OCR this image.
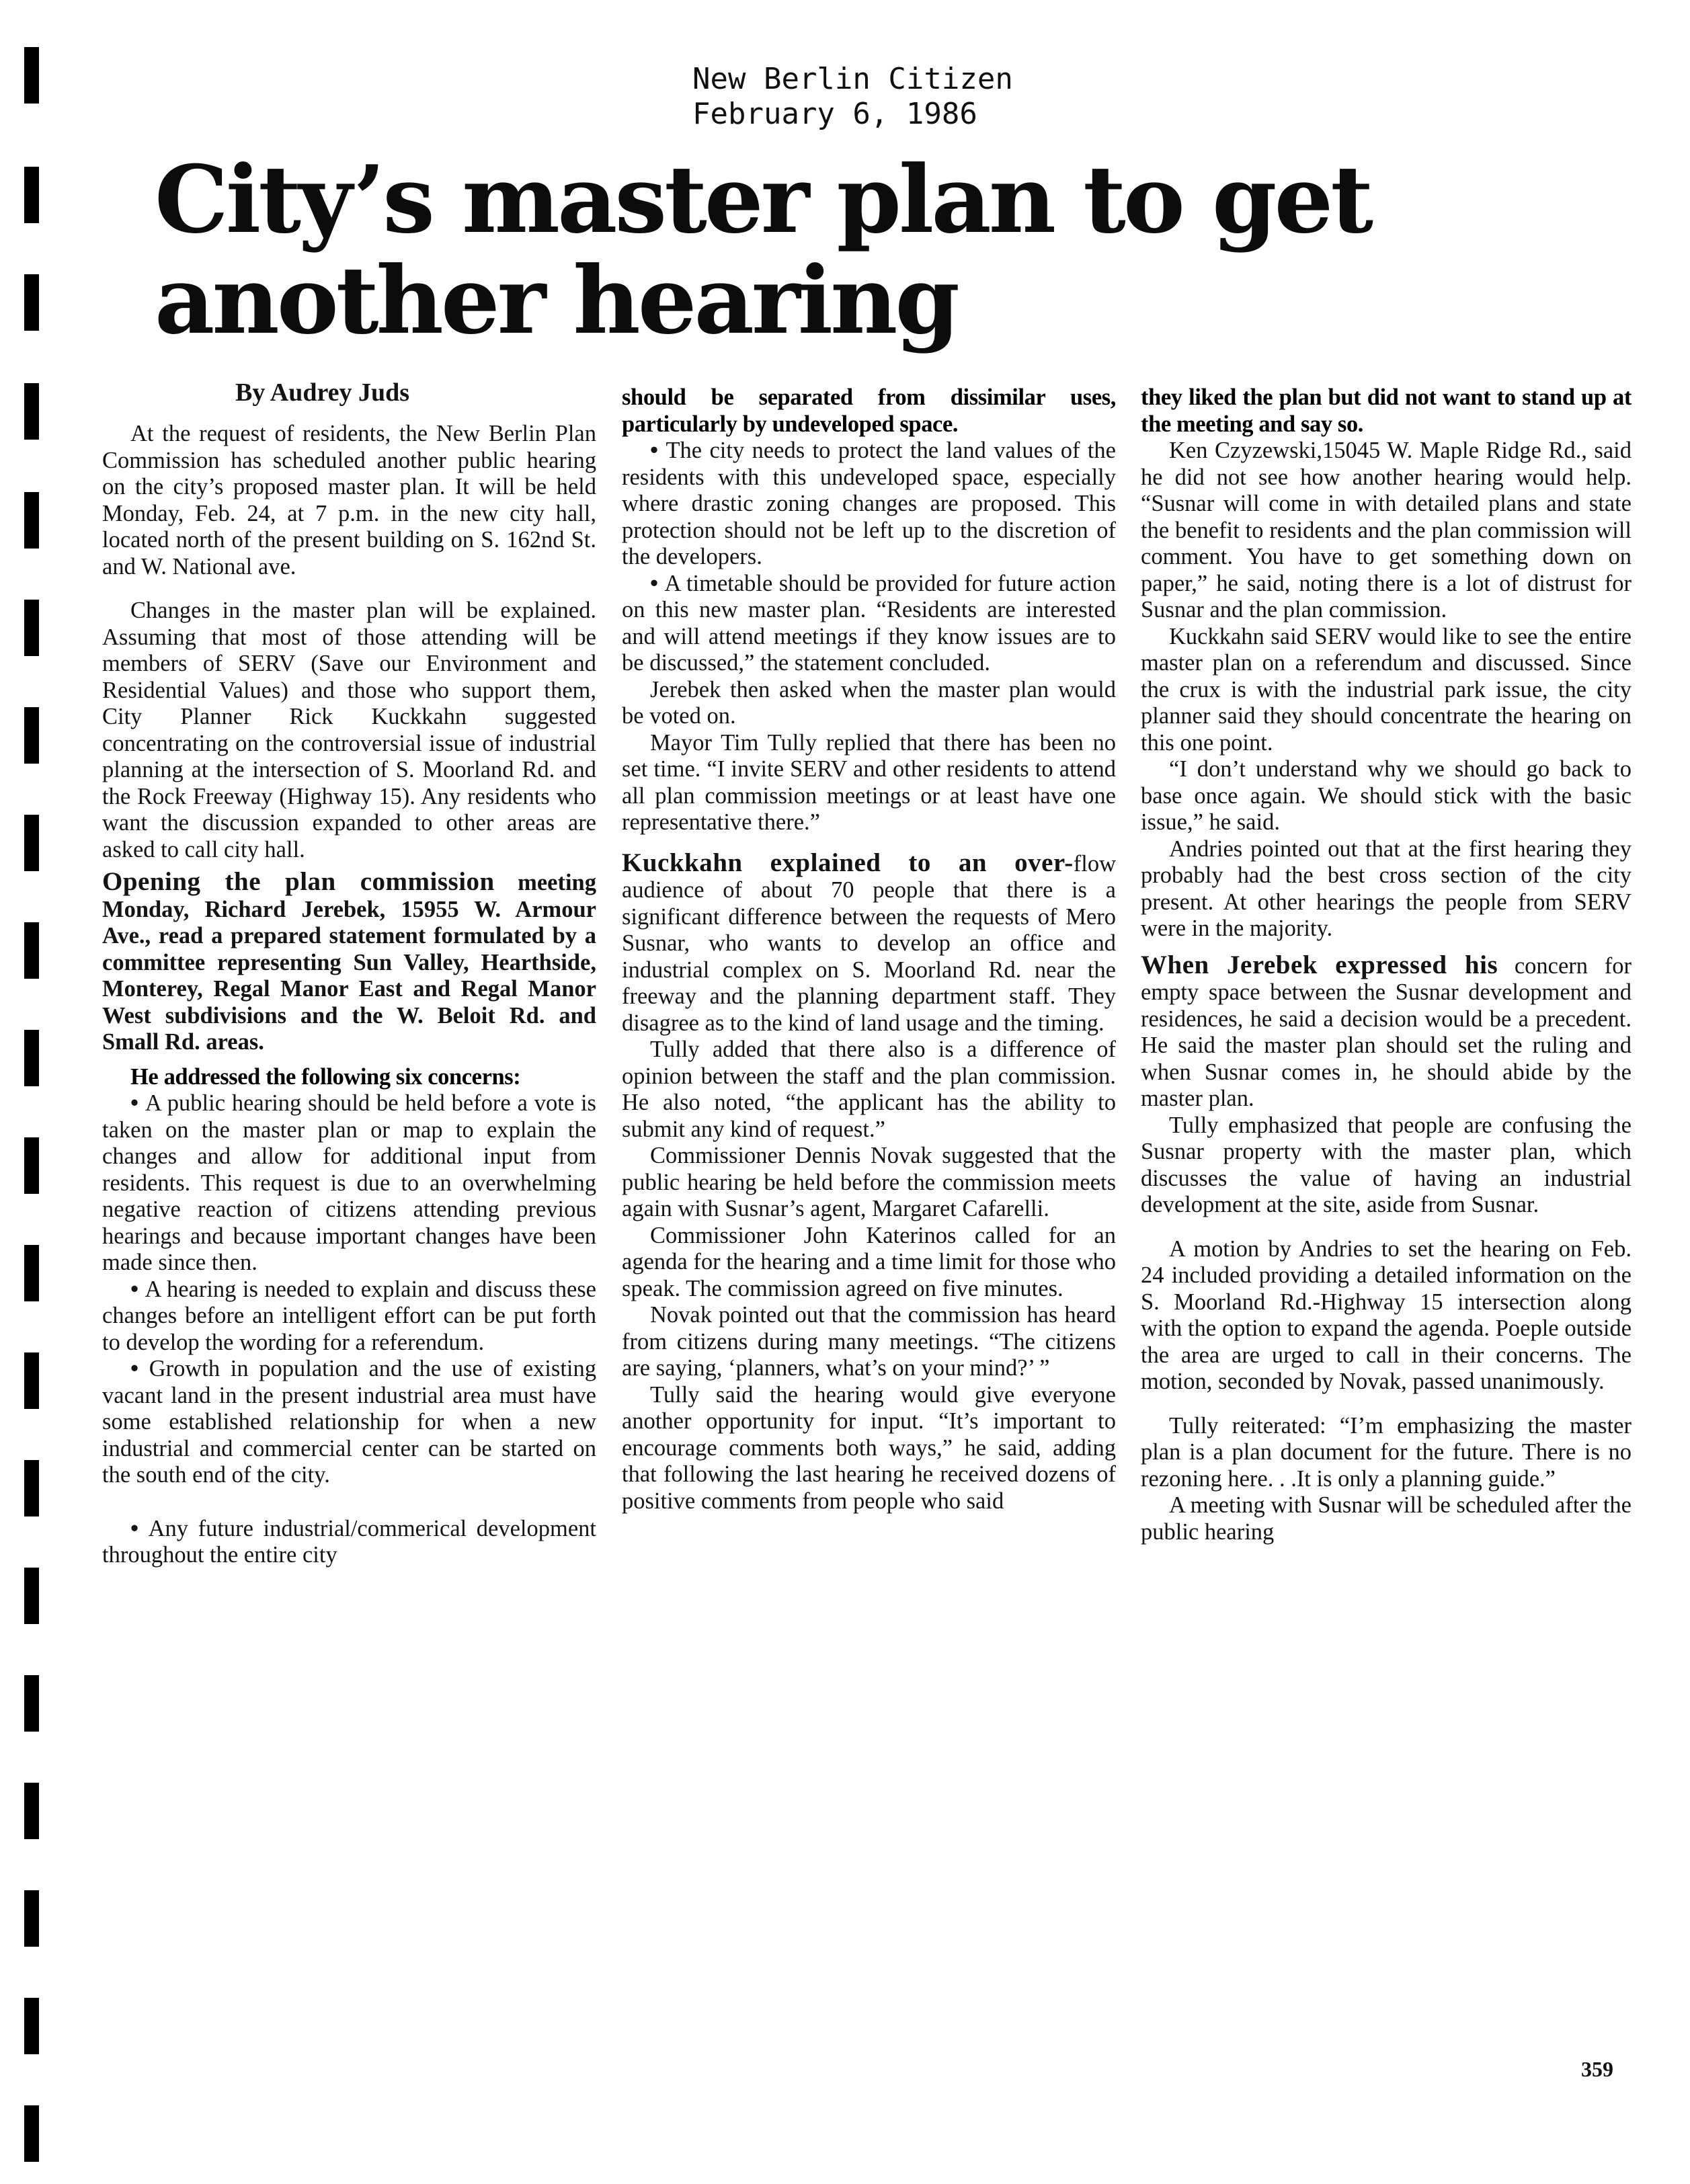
New Berlin Citizen
February 6, 1986
City’s master plan to get another hearing
By Audrey Juds

At the request of residents, the New Berlin Plan Commission has scheduled another public hearing on the city’s proposed master plan. It will be held Monday, Feb. 24, at 7 p.m. in the new city hall, located north of the present building on S. 162nd St. and W. National ave.

Changes in the master plan will be explained. Assuming that most of those attending will be members of SERV (Save our Environment and Residential Values) and those who support them, City Planner Rick Kuckkahn suggested concentrating on the controversial issue of industrial planning at the intersection of S. Moorland Rd. and the Rock Freeway (Highway 15). Any residents who want the discussion expanded to other areas are asked to call city hall.

Opening the plan commission meeting Monday, Richard Jerebek, 15955 W. Armour Ave., read a prepared statement formulated by a committee representing Sun Valley, Hearthside, Monterey, Regal Manor East and Regal Manor West subdivisions and the W. Beloit Rd. and Small Rd. areas.

He addressed the following six concerns:

• A public hearing should be held before a vote is taken on the master plan or map to explain the changes and allow for additional input from residents. This request is due to an overwhelming negative reaction of citizens attending previous hearings and because important changes have been made since then.

• A hearing is needed to explain and discuss these changes before an intelligent effort can be put forth to develop the wording for a referendum.

• Growth in population and the use of existing vacant land in the present industrial area must have some established relationship for when a new industrial and commercial center can be started on the south end of the city.

• Any future industrial/commerical development throughout the entire city

should be separated from dissimilar uses, particularly by undeveloped space.

• The city needs to protect the land values of the residents with this undeveloped space, especially where drastic zoning changes are proposed. This protection should not be left up to the discretion of the developers.

• A timetable should be provided for future action on this new master plan. “Residents are interested and will attend meetings if they know issues are to be discussed,” the statement concluded.

Jerebek then asked when the master plan would be voted on.

Mayor Tim Tully replied that there has been no set time. “I invite SERV and other residents to attend all plan commission meetings or at least have one representative there.”

Kuckkahn explained to an over-flow audience of about 70 people that there is a significant difference between the requests of Mero Susnar, who wants to develop an office and industrial complex on S. Moorland Rd. near the freeway and the planning department staff. They disagree as to the kind of land usage and the timing.

Tully added that there also is a difference of opinion between the staff and the plan commission. He also noted, “the applicant has the ability to submit any kind of request.”

Commissioner Dennis Novak suggested that the public hearing be held before the commission meets again with Susnar’s agent, Margaret Cafarelli.

Commissioner John Katerinos called for an agenda for the hearing and a time limit for those who speak. The commission agreed on five minutes.

Novak pointed out that the commission has heard from citizens during many meetings. “The citizens are saying, ‘planners, what’s on your mind?’ ”

Tully said the hearing would give everyone another opportunity for input. “It’s important to encourage comments both ways,” he said, adding that following the last hearing he received dozens of positive comments from people who said

they liked the plan but did not want to stand up at the meeting and say so.

Ken Czyzewski,15045 W. Maple Ridge Rd., said he did not see how another hearing would help. “Susnar will come in with detailed plans and state the benefit to residents and the plan commission will comment. You have to get something down on paper,” he said, noting there is a lot of distrust for Susnar and the plan commission.

Kuckkahn said SERV would like to see the entire master plan on a referendum and discussed. Since the crux is with the industrial park issue, the city planner said they should concentrate the hearing on this one point.

“I don’t understand why we should go back to base once again. We should stick with the basic issue,” he said.

Andries pointed out that at the first hearing they probably had the best cross section of the city present. At other hearings the people from SERV were in the majority.

When Jerebek expressed his concern for empty space between the Susnar development and residences, he said a decision would be a precedent. He said the master plan should set the ruling and when Susnar comes in, he should abide by the master plan.

Tully emphasized that people are confusing the Susnar property with the master plan, which discusses the value of having an industrial development at the site, aside from Susnar.

A motion by Andries to set the hearing on Feb. 24 included providing a detailed information on the S. Moorland Rd.-Highway 15 intersection along with the option to expand the agenda. Poeple outside the area are urged to call in their concerns. The motion, seconded by Novak, passed unanimously.

Tully reiterated: “I’m emphasizing the master plan is a plan document for the future. There is no rezoning here. . .It is only a planning guide.”

A meeting with Susnar will be scheduled after the public hearing

359
